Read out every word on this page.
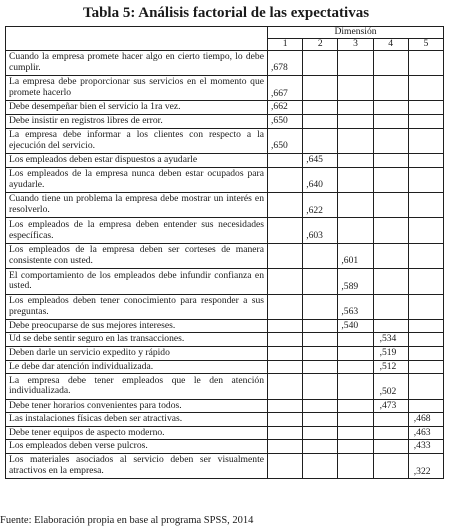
Tabla 5: Análisis factorial de las expectativas
	Dimensión				
	1	2	3	4	5
Cuando la empresa promete hacer algo en cierto tiempo, lo debe cumplir.	,678				
La empresa debe proporcionar sus servicios en el momento que promete hacerlo	,667				
Debe desempeñar bien el servicio la 1ra vez.	,662				
Debe insistir en registros libres de error.	,650				
La empresa debe informar a los clientes con respecto a la ejecución del servicio.	,650				
Los empleados deben estar dispuestos a ayudarle		,645			
Los empleados de la empresa nunca deben estar ocupados para ayudarle.		,640			
Cuando tiene un problema la empresa debe mostrar un interés en resolverlo.		,622			
Los empleados de la empresa deben entender sus necesidades específicas.		,603			
Los empleados de la empresa deben ser corteses de manera consistente con usted.			,601		
El comportamiento de los empleados debe infundir confianza en usted.			,589		
Los empleados deben tener conocimiento para responder a sus preguntas.			,563		
Debe preocuparse de sus mejores intereses.			,540		
Ud se debe sentir seguro en las transacciones.				,534	
Deben darle un servicio expedito y rápido				,519	
Le debe dar atención individualizada.				,512	
La empresa debe tener empleados que le den atención individualizada.				,502	
Debe tener horarios convenientes para todos.				,473	
Las instalaciones físicas deben ser atractivas.					,468
Debe tener equipos de aspecto moderno.					,463
Los empleados deben verse pulcros.					,433
Los materiales asociados al servicio deben ser visualmente atractivos en la empresa.					,322
Fuente: Elaboración propia en base al programa SPSS, 2014
